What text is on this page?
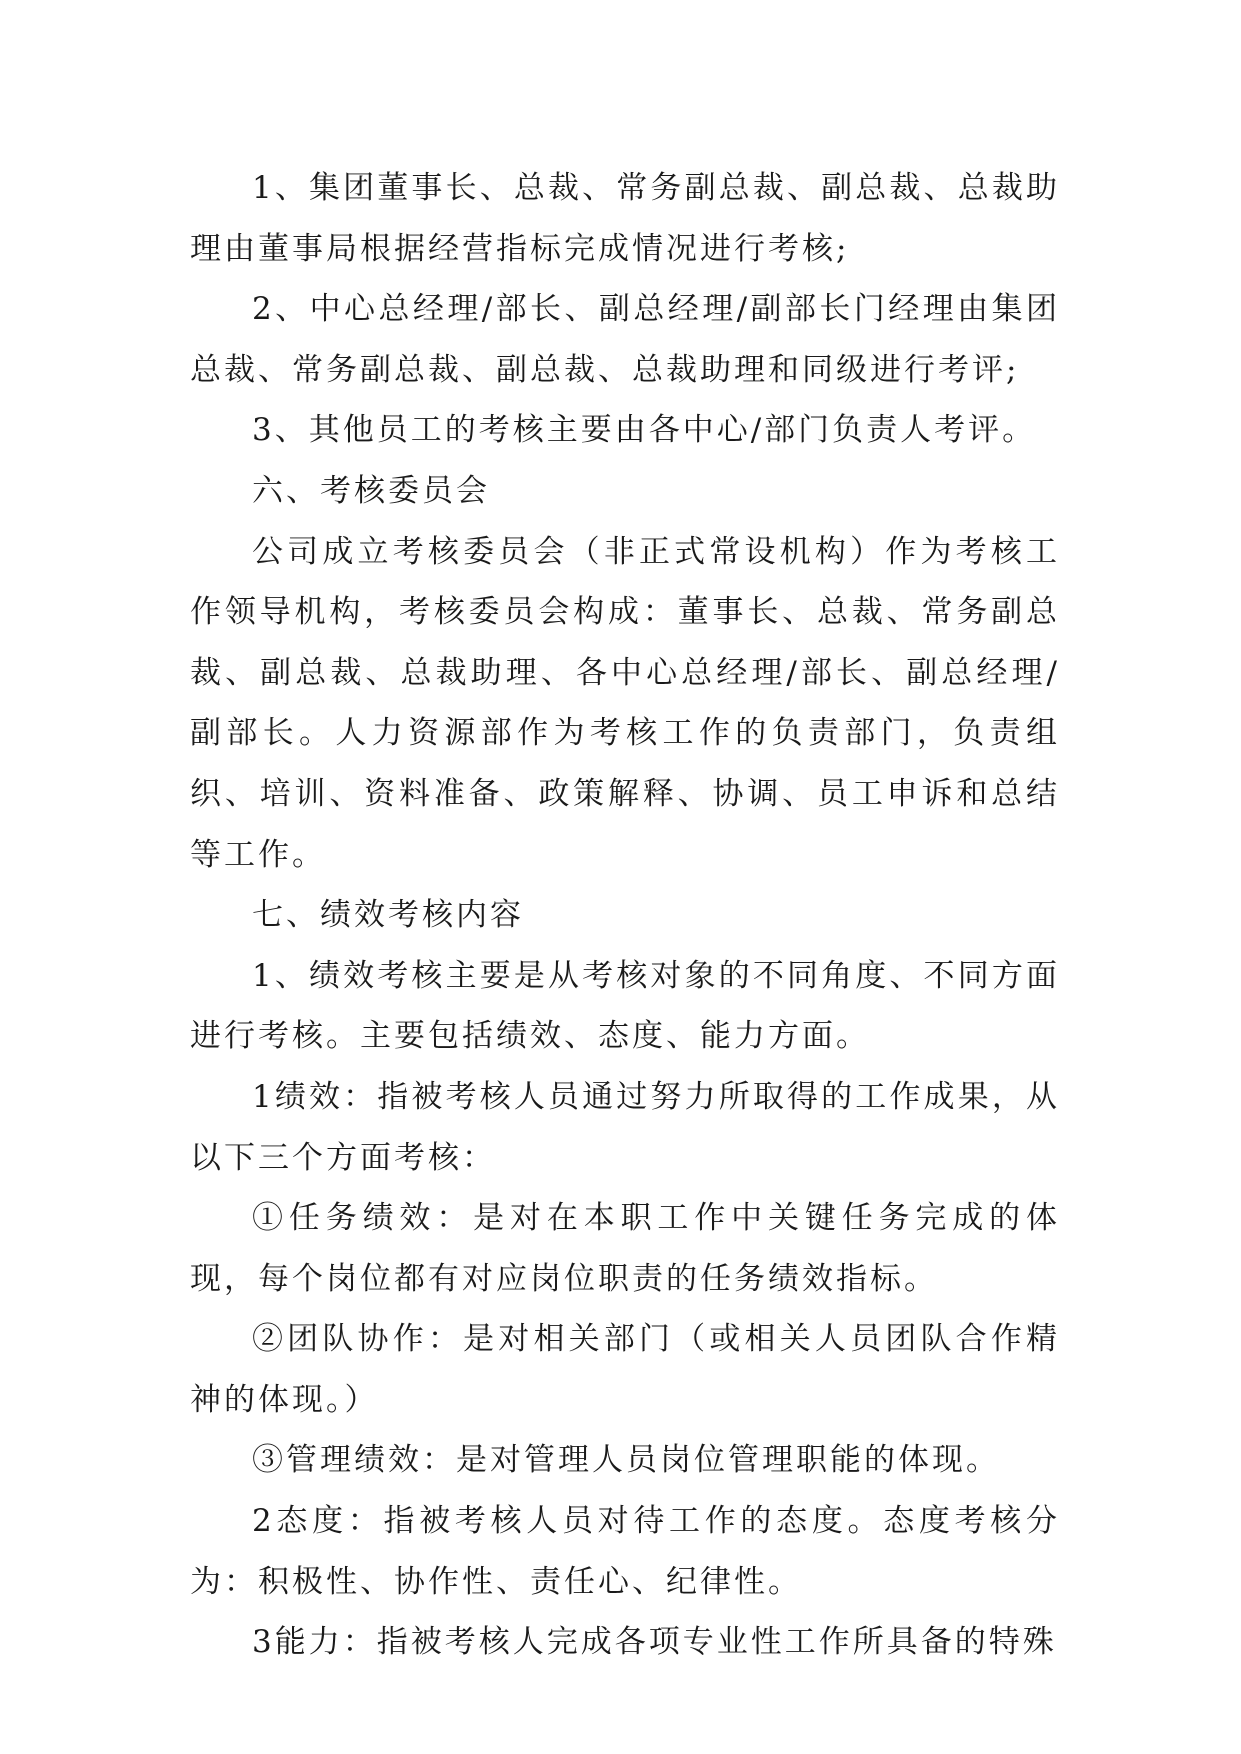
1、集团董事长、总裁、常务副总裁、副总裁、总裁助理由董事局根据经营指标完成情况进行考核;

2、中心总经理/部长、副总经理/副部长门经理由集团总裁、常务副总裁、副总裁、总裁助理和同级进行考评;

3、其他员工的考核主要由各中心/部门负责人考评。

六、考核委员会

公司成立考核委员会（非正式常设机构）作为考核工作领导机构，考核委员会构成：董事长、总裁、常务副总裁、副总裁、总裁助理、各中心总经理/部长、副总经理/副部长。人力资源部作为考核工作的负责部门，负责组织、培训、资料准备、政策解释、协调、员工申诉和总结等工作。

七、绩效考核内容

1、绩效考核主要是从考核对象的不同角度、不同方面进行考核。主要包括绩效、态度、能力方面。

1绩效：指被考核人员通过努力所取得的工作成果，从以下三个方面考核：

①任务绩效：是对在本职工作中关键任务完成的体现，每个岗位都有对应岗位职责的任务绩效指标。

②团队协作：是对相关部门（或相关人员团队合作精神的体现。）

③管理绩效：是对管理人员岗位管理职能的体现。

2态度：指被考核人员对待工作的态度。态度考核分为：积极性、协作性、责任心、纪律性。

3能力：指被考核人完成各项专业性工作所具备的特殊
